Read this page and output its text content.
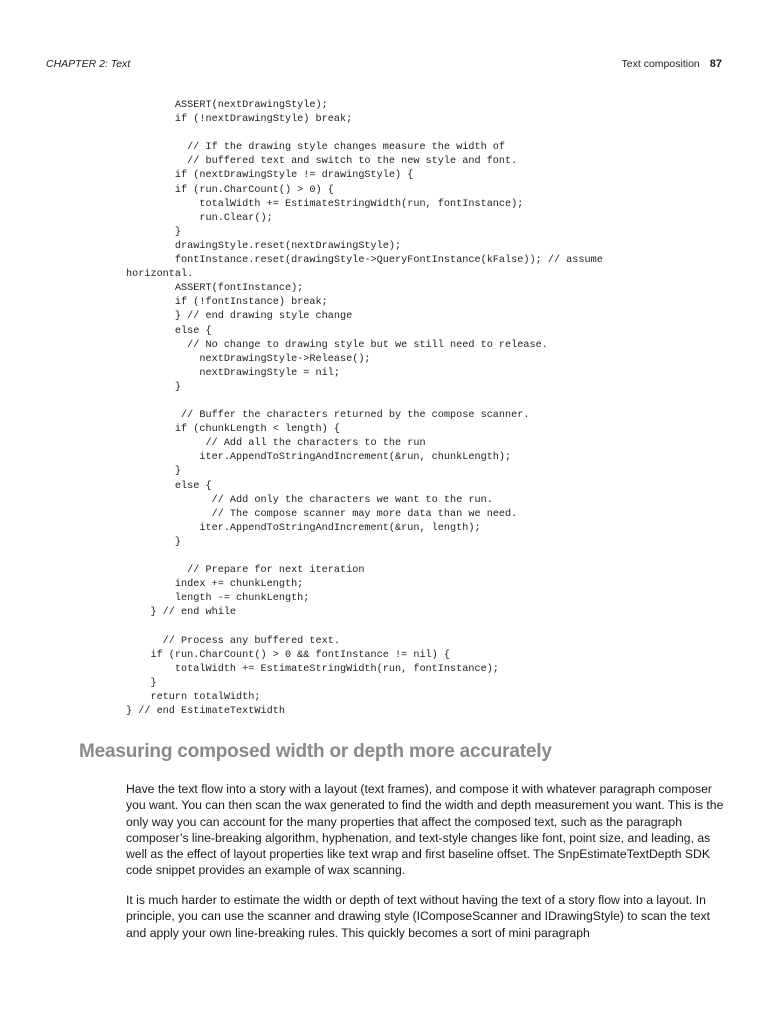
CHAPTER 2: Text	Text composition 87
ASSERT(nextDrawingStyle);
if (!nextDrawingStyle) break;

// If the drawing style changes measure the width of
// buffered text and switch to the new style and font.
if (nextDrawingStyle != drawingStyle) {
if (run.CharCount() > 0) {
totalWidth += EstimateStringWidth(run, fontInstance);
run.Clear();
}
drawingStyle.reset(nextDrawingStyle);
fontInstance.reset(drawingStyle->QueryFontInstance(kFalse)); // assume
horizontal.
ASSERT(fontInstance);
if (!fontInstance) break;
} // end drawing style change
else {
// No change to drawing style but we still need to release.
nextDrawingStyle->Release();
nextDrawingStyle = nil;
}

// Buffer the characters returned by the compose scanner.
if (chunkLength < length) {
// Add all the characters to the run
iter.AppendToStringAndIncrement(&run, chunkLength);
}
else {
// Add only the characters we want to the run.
// The compose scanner may more data than we need.
iter.AppendToStringAndIncrement(&run, length);
}

// Prepare for next iteration
index += chunkLength;
length -= chunkLength;
} // end while

// Process any buffered text.
if (run.CharCount() > 0 && fontInstance != nil) {
totalWidth += EstimateStringWidth(run, fontInstance);
}
return totalWidth;
} // end EstimateTextWidth

Measuring composed width or depth more accurately

Have the text flow into a story with a layout (text frames), and compose it with whatever paragraph composer you want. You can then scan the wax generated to find the width and depth measurement you want. This is the only way you can account for the many properties that affect the composed text, such as the paragraph composer’s line-breaking algorithm, hyphenation, and text-style changes like font, point size, and leading, as well as the effect of layout properties like text wrap and first baseline offset. The SnpEstimateTextDepth SDK code snippet provides an example of wax scanning.

It is much harder to estimate the width or depth of text without having the text of a story flow into a layout. In principle, you can use the scanner and drawing style (IComposeScanner and IDrawingStyle) to scan the text and apply your own line-breaking rules. This quickly becomes a sort of mini paragraph
